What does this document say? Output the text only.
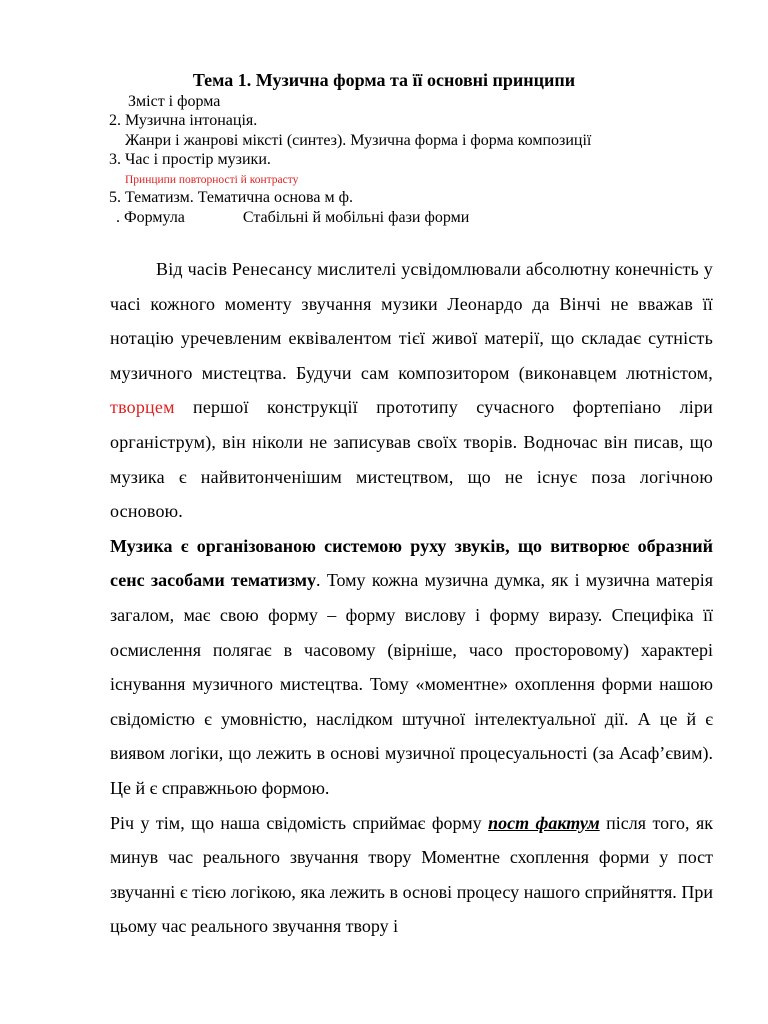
Тема 1. Музична форма та її основні принципи
Зміст і форма
2. Музична інтонація.
Жанри і жанрові мікстi (синтез). Музична форма і форма композиції
3. Час і простір музики.
Принципи повторності й контрасту
5. Тематизм. Тематична основа м ф.
. Формула	Стабільні й мобільні фази форми

Від часів Ренесансу мислителі усвідомлювали абсолютну конечність у часі кожного моменту звучання музики Леонардо да Вінчі не вважав її нотацію уречевленим еквівалентом тієї живої матерії, що складає сутність музичного мистецтва. Будучи сам композитором (виконавцем лютністом, творцем першої конструкції прототипу сучасного фортепіано ліри органіструм), він ніколи не записував своїх творів. Водночас він писав, що музика є найвитонченішим мистецтвом, що не існує поза логічною основою.

Музика є організованою системою руху звуків, що витворює образний сенс засобами тематизму. Тому кожна музична думка, як і музична матерія загалом, має свою форму – форму вислову і форму виразу. Специфіка її осмислення полягає в часовому (вірніше, часо просторовому) характері існування музичного мистецтва. Тому «моментне» охоплення форми нашою свідомістю є умовністю, наслідком штучної інтелектуальної дії. А це й є виявом логіки, що лежить в основі музичної процесуальності (за Асаф’євим). Це й є справжньою формою.

Річ у тім, що наша свідомість сприймає форму пост фактум після того, як минув час реального звучання твору Моментне схоплення форми у пост звучанні є тією логікою, яка лежить в основі процесу нашого сприйняття. При цьому час реального звучання твору і
